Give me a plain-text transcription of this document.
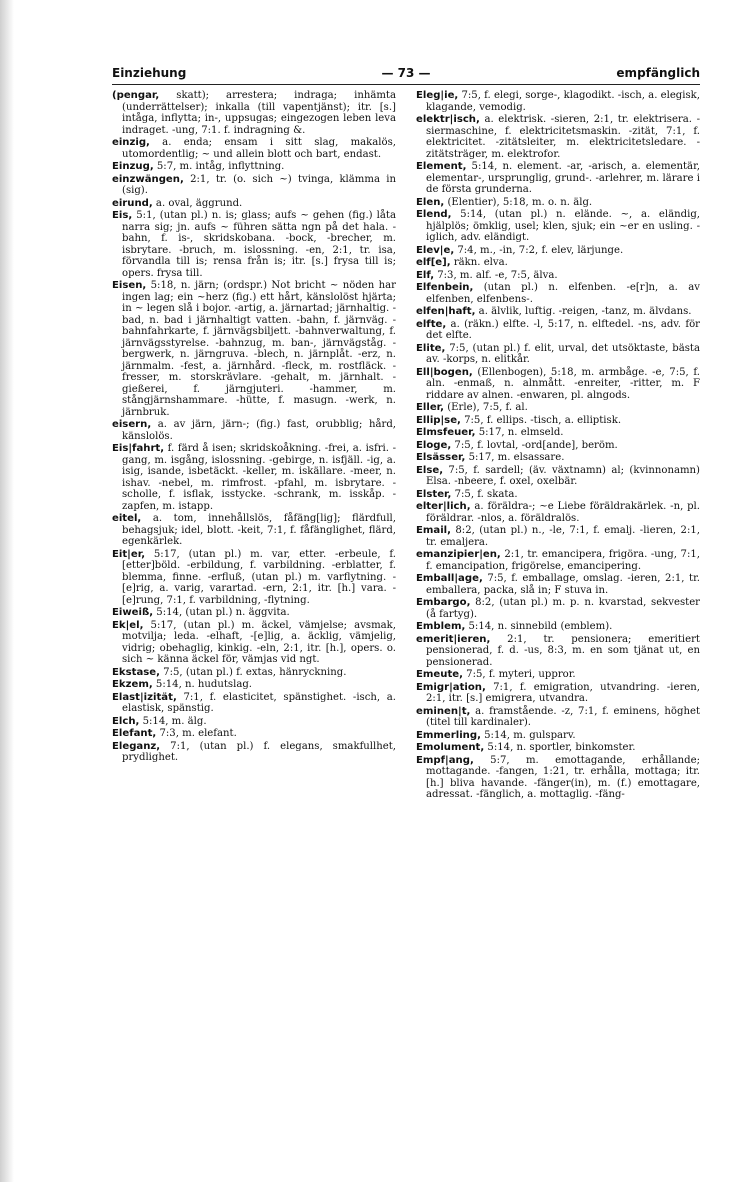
Einziehung	— 73 —	empfänglich
(pengar, skatt); arrestera; indraga; inhämta (underrättelser); inkalla (till vapentjänst); itr. [s.] intåga, inflytta; in-, uppsugas; eingezogen leben leva indraget. -ung, 7:1. f. indragning &.
einzig, a. enda; ensam i sitt slag, makalös, utomordentlig; ~ und allein blott och bart, endast.
Einzug, 5:7, m. intåg, inflyttning.
einzwängen, 2:1, tr. (o. sich ~) tvinga, klämma in (sig).
eirund, a. oval, äggrund.
Eis, 5:1, (utan pl.) n. is; glass; aufs ~ gehen (fig.) låta narra sig; jn. aufs ~ führen sätta ngn på det hala. -bahn, f. is-, skridskobana. -bock, -brecher, m. isbrytare. -bruch, m. islossning. -en, 2:1, tr. isa, förvandla till is; rensa från is; itr. [s.] frysa till is; opers. frysa till.
Eisen, 5:18, n. järn; (ordspr.) Not bricht ~ nöden har ingen lag; ein ~herz (fig.) ett hårt, känslolöst hjärta; in ~ legen slå i bojor. -artig, a. järnartad; järnhaltig. -bad, n. bad i järnhaltigt vatten. -bahn, f. järnväg. -bahnfahrkarte, f. järnvägsbiljett. -bahnverwaltung, f. järnvägsstyrelse. -bahnzug, m. ban-, järnvägståg. -bergwerk, n. järngruva. -blech, n. järnplåt. -erz, n. järnmalm. -fest, a. järnhård. -fleck, m. rostfläck. -fresser, m. storskrävlare. -gehalt, m. järnhalt. -gießerei, f. järngjuteri. -hammer, m. stångjärnshammare. -hütte, f. masugn. -werk, n. järnbruk.
eisern, a. av järn, järn-; (fig.) fast, orubblig; hård, känslolös.
Eis|fahrt, f. färd å isen; skridskoåkning. -frei, a. isfri. -gang, m. isgång, islossning. -gebirge, n. isfjäll. -ig, a. isig, isande, isbetäckt. -keller, m. iskällare. -meer, n. ishav. -nebel, m. rimfrost. -pfahl, m. isbrytare. -scholle, f. isflak, isstycke. -schrank, m. isskåp. -zapfen, m. istapp.
eitel, a. tom, innehållslös, fåfäng[lig]; flärdfull, behagsjuk; idel, blott. -keit, 7:1, f. fåfänglighet, flärd, egenkärlek.
Eit|er, 5:17, (utan pl.) m. var, etter. -erbeule, f. [etter]böld. -erbildung, f. varbildning. -erblatter, f. blemma, finne. -erfluß, (utan pl.) m. varflytning. -[e]rig, a. varig, varartad. -ern, 2:1, itr. [h.] vara. -[e]rung, 7:1, f. varbildning, -flytning.
Eiweiß, 5:14, (utan pl.) n. äggvita.
Ek|el, 5:17, (utan pl.) m. äckel, vämjelse; avsmak, motvilja; leda. -elhaft, -[e]lig, a. äcklig, vämjelig, vidrig; obehaglig, kinkig. -eln, 2:1, itr. [h.], opers. o. sich ~ känna äckel för, vämjas vid ngt.
Ekstase, 7:5, (utan pl.) f. extas, hänryckning.
Ekzem, 5:14, n. hudutslag.
Elast|izität, 7:1, f. elasticitet, spänstighet. -isch, a. elastisk, spänstig.
Elch, 5:14, m. älg.
Elefant, 7:3, m. elefant.
Eleganz, 7:1, (utan pl.) f. elegans, smakfullhet, prydlighet.
Eleg|ie, 7:5, f. elegi, sorge-, klagodikt. -isch, a. elegisk, klagande, vemodig.
elektr|isch, a. elektrisk. -sieren, 2:1, tr. elektrisera. -siermaschine, f. elektricitetsmaskin. -zität, 7:1, f. elektricitet. -zitätsleiter, m. elektricitetsledare. -zitätsträger, m. elektrofor.
Element, 5:14, n. element. -ar, -arisch, a. elementär, elementar-, ursprunglig, grund-. -arlehrer, m. lärare i de första grunderna.
Elen, (Elentier), 5:18, m. o. n. älg.
Elend, 5:14, (utan pl.) n. elände. ~, a. eländig, hjälplös; ömklig, usel; klen, sjuk; ein ~er en usling. -iglich, adv. eländigt.
Elev|e, 7:4, m., -in, 7:2, f. elev, lärjunge.
elf[e], räkn. elva.
Elf, 7:3, m. alf. -e, 7:5, älva.
Elfenbein, (utan pl.) n. elfenben. -e[r]n, a. av elfenben, elfenbens-.
elfen|haft, a. älvlik, luftig. -reigen, -tanz, m. älvdans.
elfte, a. (räkn.) elfte. -l, 5:17, n. elftedel. -ns, adv. för det elfte.
Elite, 7:5, (utan pl.) f. elit, urval, det utsöktaste, bästa av. -korps, n. elitkår.
Ell|bogen, (Ellenbogen), 5:18, m. armbåge. -e, 7:5, f. aln. -enmaß, n. alnmått. -enreiter, -ritter, m. F riddare av alnen. -enwaren, pl. alngods.
Eller, (Erle), 7:5, f. al.
Ellip|se, 7:5, f. ellips. -tisch, a. elliptisk.
Elmsfeuer, 5:17, n. elmseld.
Eloge, 7:5, f. lovtal, -ord[ande], beröm.
Elsässer, 5:17, m. elsassare.
Else, 7:5, f. sardell; (äv. växtnamn) al; (kvinnonamn) Elsa. -nbeere, f. oxel, oxelbär.
Elster, 7:5, f. skata.
elter|lich, a. föräldra-; ~e Liebe föräldrakärlek. -n, pl. föräldrar. -nlos, a. föräldralös.
Email, 8:2, (utan pl.) n., -le, 7:1, f. emalj. -lieren, 2:1, tr. emaljera.
emanzipier|en, 2:1, tr. emancipera, frigöra. -ung, 7:1, f. emancipation, frigörelse, emancipering.
Emball|age, 7:5, f. emballage, omslag. -ieren, 2:1, tr. emballera, packa, slå in; F stuva in.
Embargo, 8:2, (utan pl.) m. p. n. kvarstad, sekvester (å fartyg).
Emblem, 5:14, n. sinnebild (emblem).
emerit|ieren, 2:1, tr. pensionera; emeritiert pensionerad, f. d. -us, 8:3, m. en som tjänat ut, en pensionerad.
Emeute, 7:5, f. myteri, uppror.
Emigr|ation, 7:1, f. emigration, utvandring. -ieren, 2:1, itr. [s.] emigrera, utvandra.
eminen|t, a. framstående. -z, 7:1, f. eminens, höghet (titel till kardinaler).
Emmerling, 5:14, m. gulsparv.
Emolument, 5:14, n. sportler, binkomster.
Empf|ang, 5:7, m. emottagande, erhållande; mottagande. -fangen, 1:21, tr. erhålla, mottaga; itr. [h.] bliva havande. -fänger(in), m. (f.) emottagare, adressat. -fänglich, a. mottaglig. -fäng-
